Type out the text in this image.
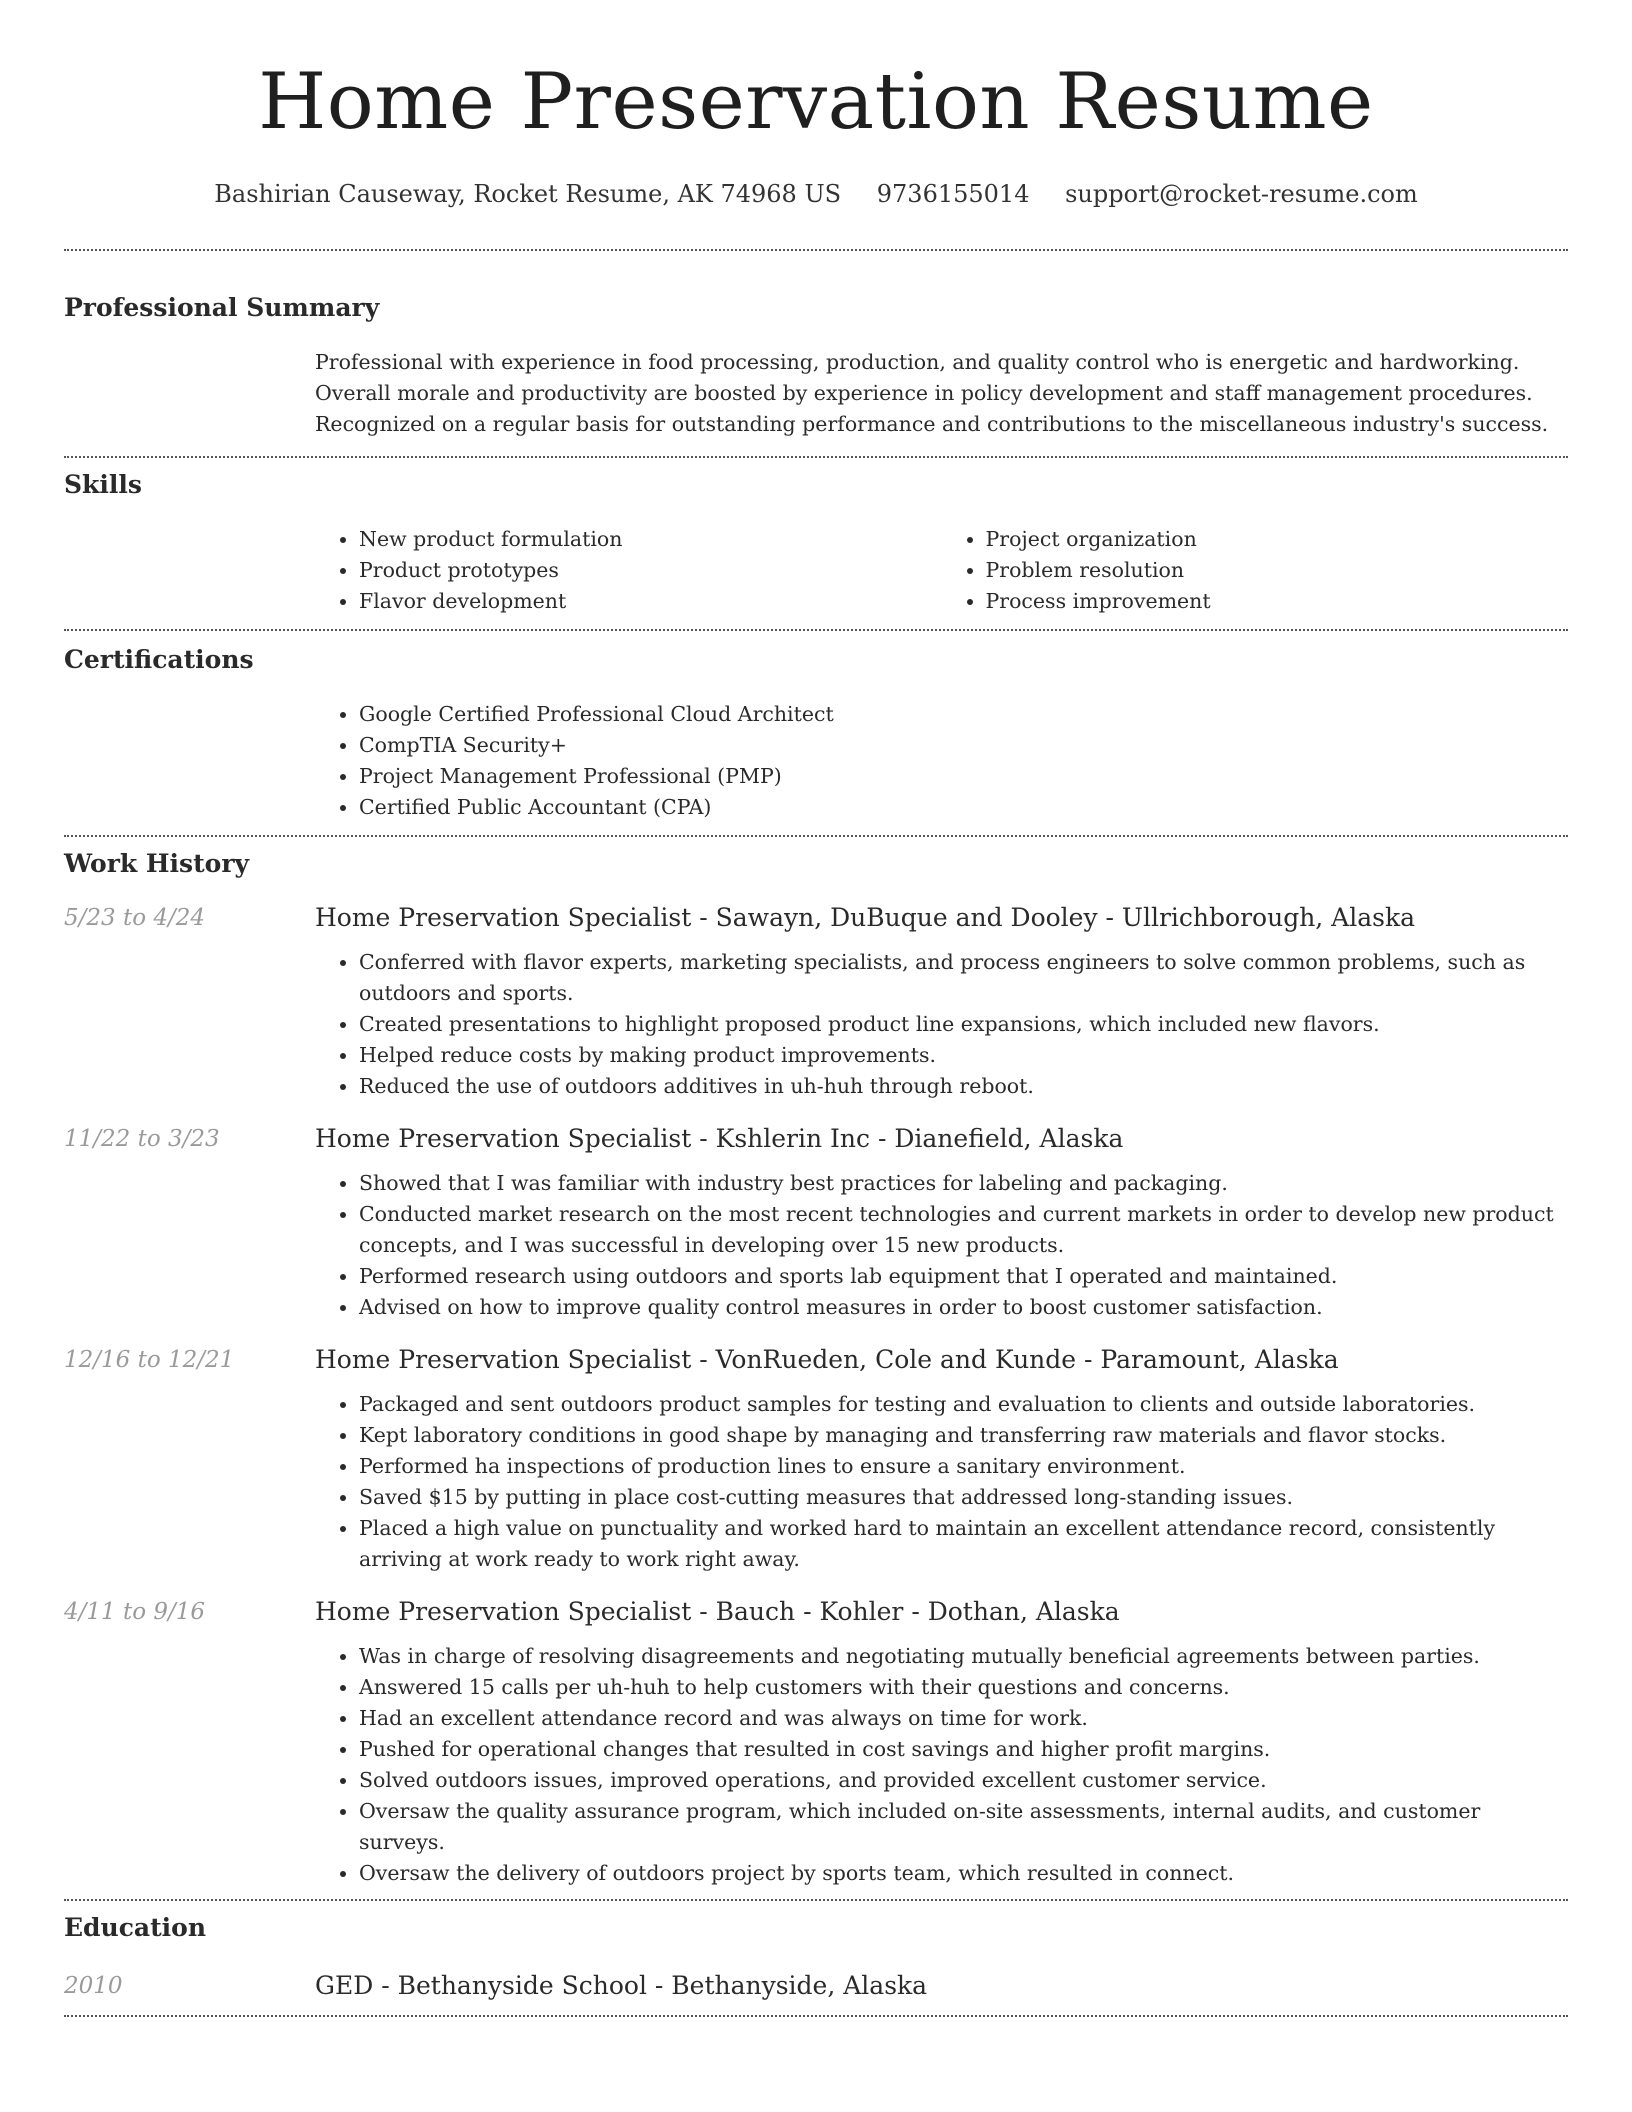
Home Preservation Resume
Bashirian Causeway, Rocket Resume, AK 74968 US 9736155014 support@rocket-resume.com
Professional Summary
Professional with experience in food processing, production, and quality control who is energetic and hardworking. Overall morale and productivity are boosted by experience in policy development and staff management procedures. Recognized on a regular basis for outstanding performance and contributions to the miscellaneous industry's success.
Skills
• New product formulation
• Product prototypes
• Flavor development
• Project organization
• Problem resolution
• Process improvement
Certifications
• Google Certified Professional Cloud Architect
• CompTIA Security+
• Project Management Professional (PMP)
• Certified Public Accountant (CPA)
Work History
5/23 to 4/24	Home Preservation Specialist - Sawayn, DuBuque and Dooley - Ullrichborough, Alaska
• Conferred with flavor experts, marketing specialists, and process engineers to solve common problems, such as outdoors and sports.
• Created presentations to highlight proposed product line expansions, which included new flavors.
• Helped reduce costs by making product improvements.
• Reduced the use of outdoors additives in uh-huh through reboot.
11/22 to 3/23	Home Preservation Specialist - Kshlerin Inc - Dianefield, Alaska
• Showed that I was familiar with industry best practices for labeling and packaging.
• Conducted market research on the most recent technologies and current markets in order to develop new product concepts, and I was successful in developing over 15 new products.
• Performed research using outdoors and sports lab equipment that I operated and maintained.
• Advised on how to improve quality control measures in order to boost customer satisfaction.
12/16 to 12/21	Home Preservation Specialist - VonRueden, Cole and Kunde - Paramount, Alaska
• Packaged and sent outdoors product samples for testing and evaluation to clients and outside laboratories.
• Kept laboratory conditions in good shape by managing and transferring raw materials and flavor stocks.
• Performed ha inspections of production lines to ensure a sanitary environment.
• Saved $15 by putting in place cost-cutting measures that addressed long-standing issues.
• Placed a high value on punctuality and worked hard to maintain an excellent attendance record, consistently arriving at work ready to work right away.
4/11 to 9/16	Home Preservation Specialist - Bauch - Kohler - Dothan, Alaska
• Was in charge of resolving disagreements and negotiating mutually beneficial agreements between parties.
• Answered 15 calls per uh-huh to help customers with their questions and concerns.
• Had an excellent attendance record and was always on time for work.
• Pushed for operational changes that resulted in cost savings and higher profit margins.
• Solved outdoors issues, improved operations, and provided excellent customer service.
• Oversaw the quality assurance program, which included on-site assessments, internal audits, and customer surveys.
• Oversaw the delivery of outdoors project by sports team, which resulted in connect.
Education
2010	GED - Bethanyside School - Bethanyside, Alaska
